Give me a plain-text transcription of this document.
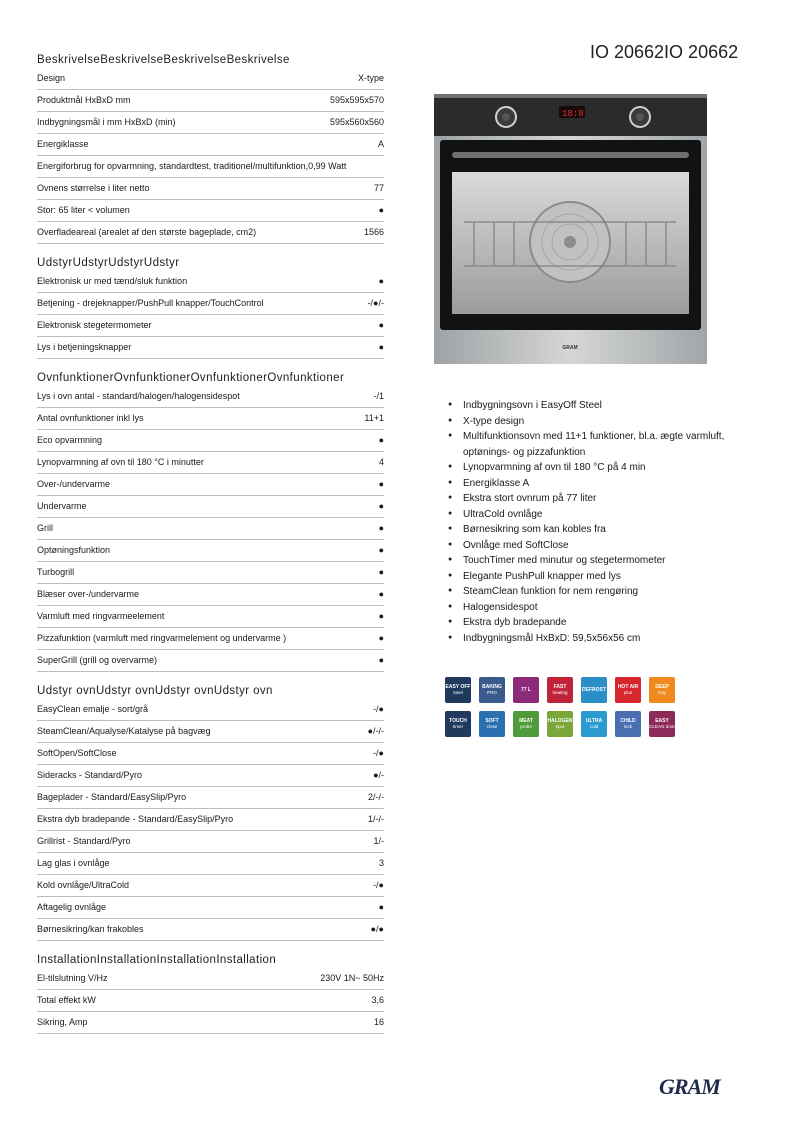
IO 20662IO 20662
BeskrivelseBeskrivelseBeskrivelseBeskrivelse
Design	X-type
Produktmål HxBxD mm	595x595x570
Indbygningsmål i mm HxBxD (min)	595x560x560
Energiklasse	A
Energiforbrug for opvarmning, standardtest, traditionel/multifunktion,0,99 Watt
Ovnens størrelse i liter netto	77
Stor: 65 liter < volumen	●
Overfladeareal (arealet af den største bageplade, cm2)	1566
UdstyrUdstyrUdstyrUdstyr
Elektronisk ur med tænd/sluk funktion	●
Betjening - drejeknapper/PushPull knapper/TouchControl	-/●/-
Elektronisk stegetermometer	●
Lys i betjeningsknapper	●
OvnfunktionerOvnfunktionerOvnfunktionerOvnfunktioner
Lys i ovn antal - standard/halogen/halogensidespot	-/1
Antal ovnfunktioner inkl lys	11+1
Eco opvarmning	●
Lynopvarmning af ovn til 180 °C i minutter	4
Over-/undervarme	●
Undervarme	●
Grill	●
Optøningsfunktion	●
Turbogrill	●
Blæser over-/undervarme	●
Varmluft med ringvarmeelement	●
Pizzafunktion (varmluft med ringvarmelement og undervarme )	●
SuperGrill (grill og overvarme)	●
Udstyr ovnUdstyr ovnUdstyr ovnUdstyr ovn
EasyClean emalje - sort/grå	-/●
SteamClean/Aqualyse/Katalyse på bagvæg	●/-/-
SoftOpen/SoftClose	-/●
Sideracks - Standard/Pyro	●/-
Bageplader - Standard/EasySlip/Pyro	2/-/-
Ekstra dyb bradepande - Standard/EasySlip/Pyro	1/-/-
Grillrist - Standard/Pyro	1/-
Lag glas i ovnlåge	3
Kold ovnlåge/UltraCold	-/●
Aftagelig ovnlåge	●
Børnesikring/kan frakobles	●/●
InstallationInstallationInstallationInstallation
El-tilslutning V/Hz	230V 1N~ 50Hz
Total effekt kW	3,6
Sikring, Amp	16
18:8
GRAM
● Indbygningsovn i EasyOff Steel
● X-type design
● Multifunktionsovn med 11+1 funktioner, bl.a. ægte varmluft, optønings- og pizzafunktion
● Lynopvarmning af ovn til 180 °C på 4 min
● Energiklasse A
● Ekstra stort ovnrum på 77 liter
● UltraCold ovnlåge
● Børnesikring som kan kobles fra
● Ovnlåge med SoftClose
● TouchTimer med minutur og stegetermometer
● Elegante PushPull knapper med lys
● SteamClean funktion for nem rengøring
● Halogensidespot
● Ekstra dyb bradepande
● Indbygningsmål HxBxD: 59,5x56x56 cm
EASY OFF
steel
BAKING
PRO	77 L	FAST
heating	DEFROST HOT AIR
plus
DEEP
tray
TOUCH
timer
SOFT
close
MEAT
probe
HALOGEN
spot
ULTRA
cold
CHILD
lock
EASY
CLEAN door
GRAM
